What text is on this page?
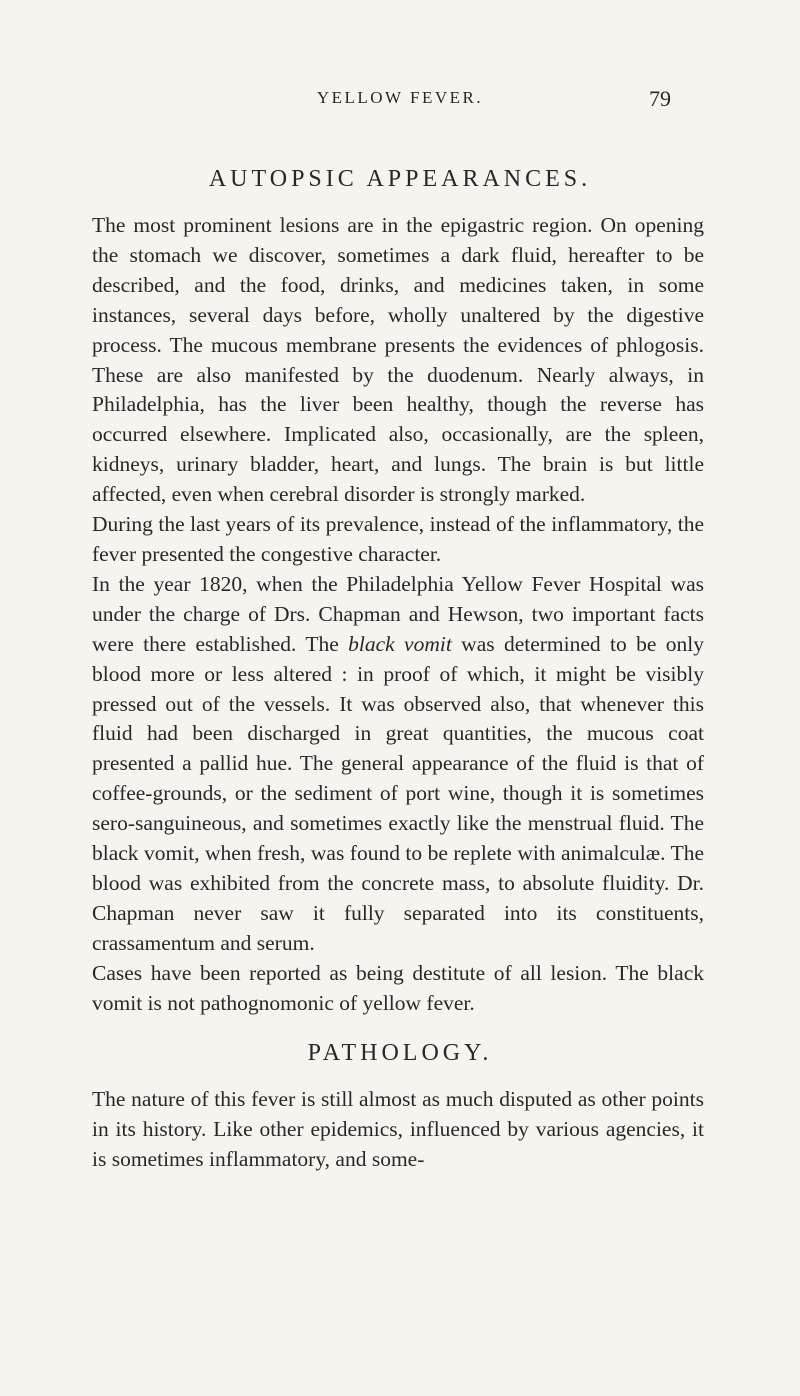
YELLOW FEVER.	79
AUTOPSIC APPEARANCES.

The most prominent lesions are in the epigastric region. On opening the stomach we discover, sometimes a dark fluid, hereafter to be described, and the food, drinks, and medicines taken, in some instances, several days before, wholly unaltered by the digestive process. The mucous membrane presents the evidences of phlogosis. These are also manifested by the duodenum. Nearly always, in Philadelphia, has the liver been healthy, though the reverse has occurred elsewhere. Implicated also, occasionally, are the spleen, kidneys, urinary bladder, heart, and lungs. The brain is but little affected, even when cerebral disorder is strongly marked.

During the last years of its prevalence, instead of the inflammatory, the fever presented the congestive character.

In the year 1820, when the Philadelphia Yellow Fever Hospital was under the charge of Drs. Chapman and Hewson, two important facts were there established. The black vomit was determined to be only blood more or less altered : in proof of which, it might be visibly pressed out of the vessels. It was observed also, that whenever this fluid had been discharged in great quantities, the mucous coat presented a pallid hue. The general appearance of the fluid is that of coffee-grounds, or the sediment of port wine, though it is sometimes sero-sanguineous, and sometimes exactly like the menstrual fluid. The black vomit, when fresh, was found to be replete with animalculæ. The blood was exhibited from the concrete mass, to absolute fluidity. Dr. Chapman never saw it fully separated into its constituents, crassamentum and serum.

Cases have been reported as being destitute of all lesion. The black vomit is not pathognomonic of yellow fever.

PATHOLOGY.

The nature of this fever is still almost as much disputed as other points in its history. Like other epidemics, influenced by various agencies, it is sometimes inflammatory, and some-
